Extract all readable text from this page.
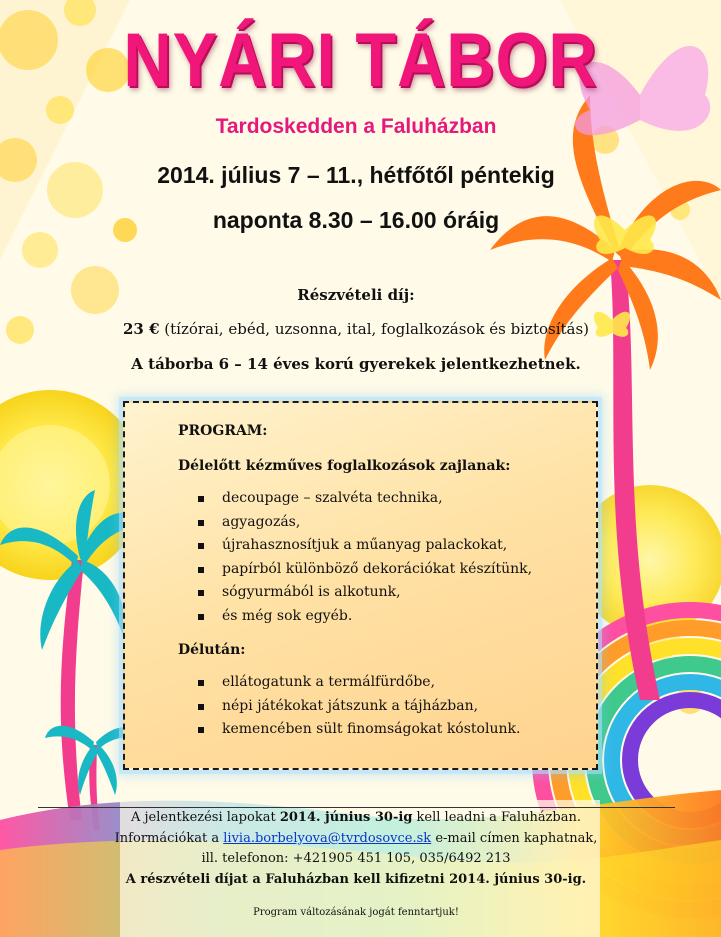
NYÁRI TÁBOR
Tardoskedden a Faluházban
2014. július 7 – 11., hétfőtől péntekig
naponta 8.30 – 16.00 óráig
Részvételi díj:
23 € (tízórai, ebéd, uzsonna, ital, foglalkozások és biztosítás)
A táborba 6 – 14 éves korú gyerekek jelentkezhetnek.
PROGRAM:
Délelőtt kézműves foglalkozások zajlanak:
decoupage – szalvéta technika,
agyagozás,
újrahasznosítjuk a műanyag palackokat,
papírból különböző dekorációkat készítünk,
sógyurmából is alkotunk,
és még sok egyéb.
Délután:
ellátogatunk a termálfürdőbe,
népi játékokat játszunk a tájházban,
kemencében sült finomságokat kóstolunk.
A jelentkezési lapokat 2014. június 30-ig kell leadni a Faluházban.
Információkat a livia.borbelyova@tvrdosovce.sk e-mail címen kaphatnak,
ill. telefonon: +421905 451 105, 035/6492 213
A részvételi díjat a Faluházban kell kifizetni 2014. június 30-ig.
Program változásának jogát fenntartjuk!
